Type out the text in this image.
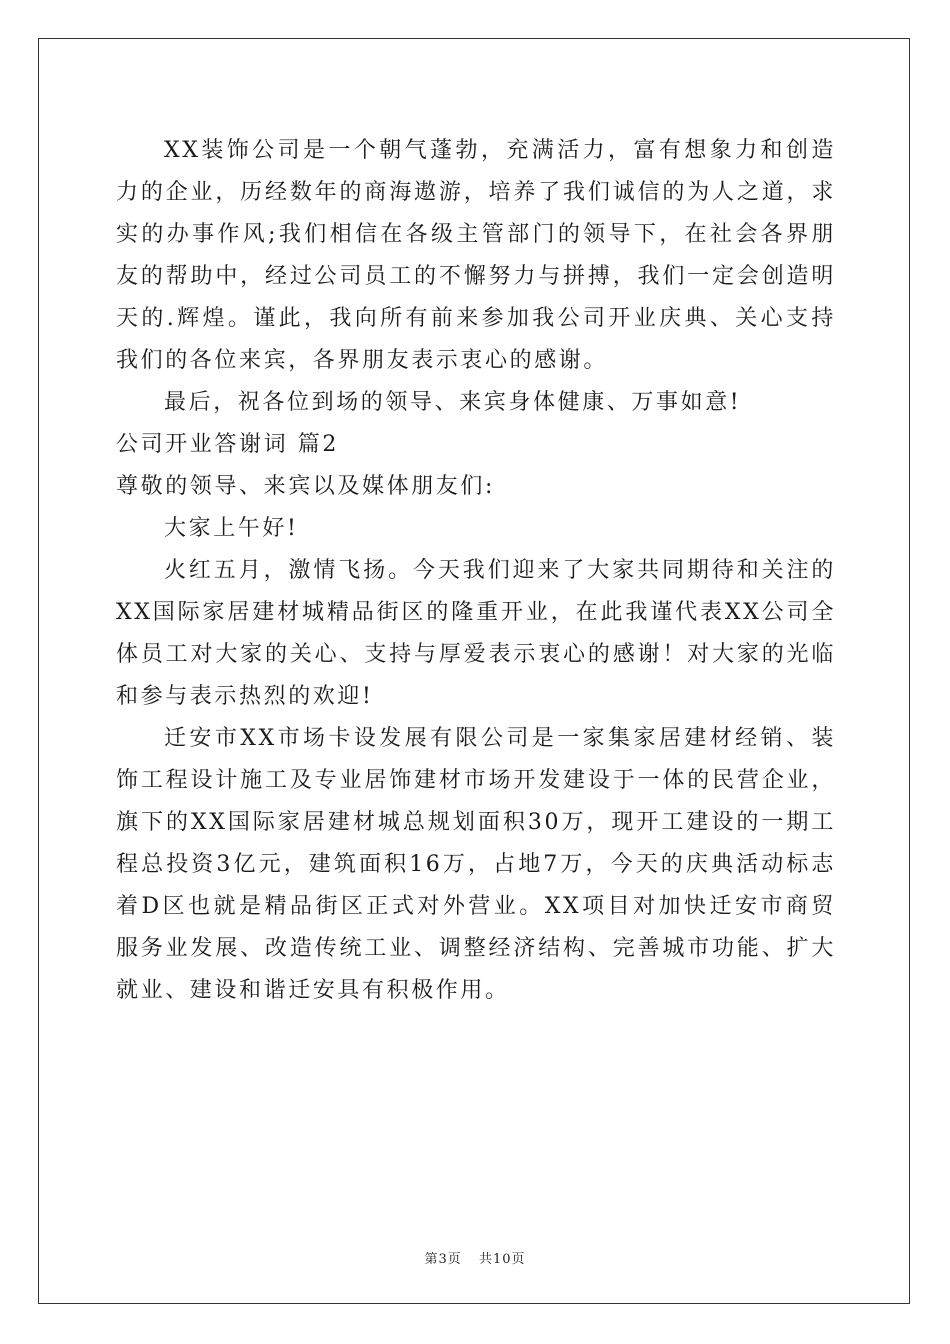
XX装饰公司是一个朝气蓬勃，充满活力，富有想象力和创造力的企业，历经数年的商海遨游，培养了我们诚信的为人之道，求实的办事作风;我们相信在各级主管部门的领导下，在社会各界朋友的帮助中，经过公司员工的不懈努力与拼搏，我们一定会创造明天的.辉煌。谨此，我向所有前来参加我公司开业庆典、关心支持我们的各位来宾，各界朋友表示衷心的感谢。

最后，祝各位到场的领导、来宾身体健康、万事如意!

公司开业答谢词 篇2

尊敬的领导、来宾以及媒体朋友们:

大家上午好!

火红五月，激情飞扬。今天我们迎来了大家共同期待和关注的XX国际家居建材城精品街区的隆重开业，在此我谨代表XX公司全体员工对大家的关心、支持与厚爱表示衷心的感谢！对大家的光临和参与表示热烈的欢迎!

迁安市XX市场卡设发展有限公司是一家集家居建材经销、装饰工程设计施工及专业居饰建材市场开发建设于一体的民营企业，旗下的XX国际家居建材城总规划面积30万，现开工建设的一期工程总投资3亿元，建筑面积16万，占地7万，今天的庆典活动标志着D区也就是精品街区正式对外营业。XX项目对加快迁安市商贸服务业发展、改造传统工业、调整经济结构、完善城市功能、扩大就业、建设和谐迁安具有积极作用。

第3页 共10页
